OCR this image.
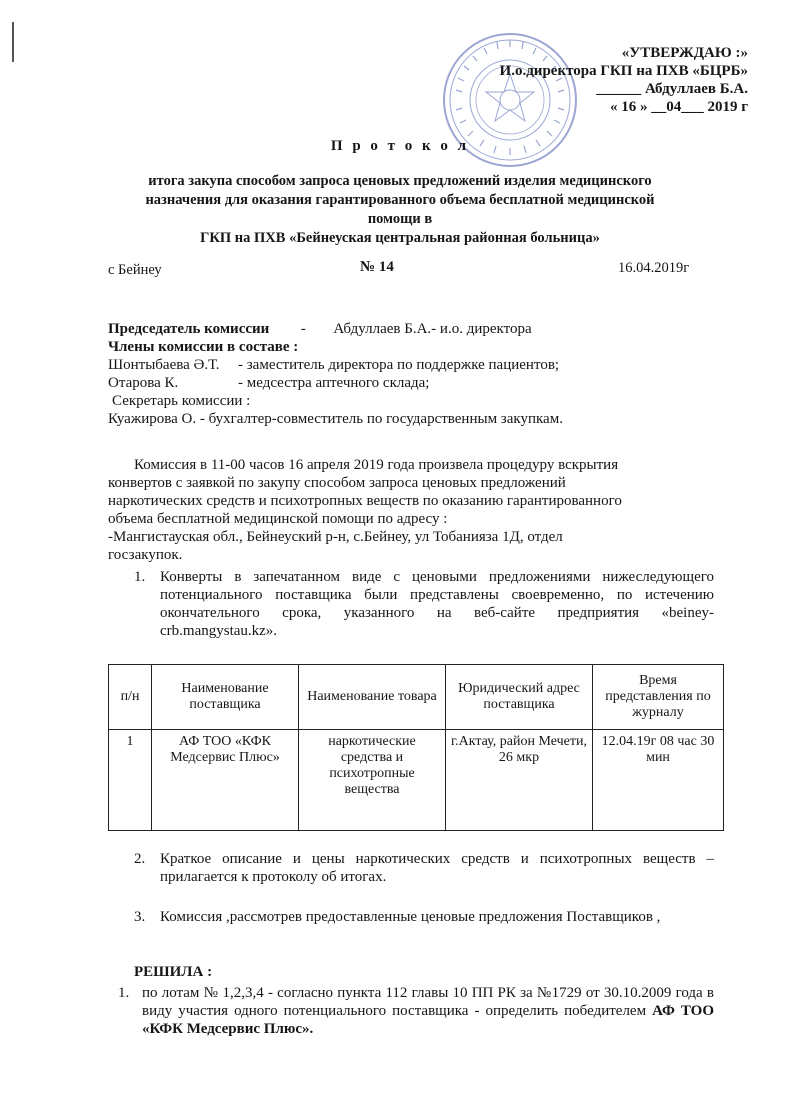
«УТВЕРЖДАЮ :»
И.о.директора ГКП на ПХВ «БЦРБ»
______ Абдуллаев Б.А.
« 16 » __04___ 2019 г
П р о т о к о л
итога закупа способом запроса ценовых предложений изделия медицинского
назначения для оказания гарантированного объема бесплатной медицинской
помощи в
ГКП на ПХВ «Бейнеуская центральная районная больница»
с Бейнеу	№ 14	16.04.2019г
Председатель комиссии - Абдуллаев Б.А.- и.о. директора
Члены комиссии в составе :
Шонтыбаева Ә.Т. - заместитель директора по поддержке пациентов;
Отарова К.	- медсестра аптечного склада;
Секретарь комиссии :
Куажирова О. - бухгалтер-совместитель по государственным закупкам.
Комиссия в 11-00 часов 16 апреля 2019 года произвела процедуру вскрытия
конвертов с заявкой по закупу способом запроса ценовых предложений
наркотических средств и психотропных веществ по оказанию гарантированного
объема бесплатной медицинской помощи по адресу :
-Мангистауская обл., Бейнеуский р-н, с.Бейнеу, ул Тобанияза 1Д, отдел
госзакупок.
1. Конверты в запечатанном виде с ценовыми предложениями нижеследующего потенциального поставщика были представлены своевременно, по истечению окончательного срока, указанного на веб-сайте предприятия «beiney-crb.mangystau.kz».
п/н	Наименование поставщика	Наименование товара	Юридический адрес поставщика	Время представления по журналу
1	АФ ТОО «КФК Медсервис Плюс»	наркотические средства и психотропные вещества	г.Актау, район Мечети, 26 мкр	12.04.19г 08 час 30 мин
2. Краткое описание и цены наркотических средств и психотропных веществ – прилагается к протоколу об итогах.
3. Комиссия ,рассмотрев предоставленные ценовые предложения Поставщиков ,
РЕШИЛА :
1. по лотам № 1,2,3,4 - согласно пункта 112 главы 10 ПП РК за №1729 от 30.10.2009 года в виду участия одного потенциального поставщика - определить победителем АФ ТОО «КФК Медсервис Плюс».
